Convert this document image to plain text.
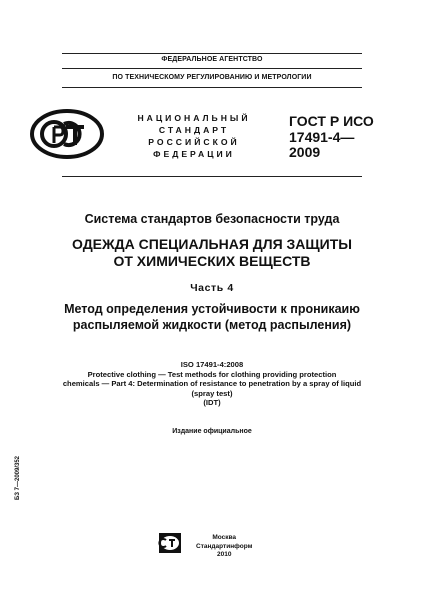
ФЕДЕРАЛЬНОЕ АГЕНТСТВО
ПО ТЕХНИЧЕСКОМУ РЕГУЛИРОВАНИЮ И МЕТРОЛОГИИ
НАЦИОНАЛЬНЫЙ
СТАНДАРТ
РОССИЙСКОЙ
ФЕДЕРАЦИИ
ГОСТ Р ИСО
17491-4—
2009
Система стандартов безопасности труда
ОДЕЖДА СПЕЦИАЛЬНАЯ ДЛЯ ЗАЩИТЫ
ОТ ХИМИЧЕСКИХ ВЕЩЕСТВ
Часть 4
Метод определения устойчивости к проникаию
распыляемой жидкости (метод распыления)
ISO 17491-4:2008
Protective clothing — Test methods for clothing providing protection
chemicals — Part 4: Determination of resistance to penetration by a spray of liquid
(spray test)
(IDT)
Издание официальное
БЗ 7—2009/352
Москва
Стандартинформ
2010
